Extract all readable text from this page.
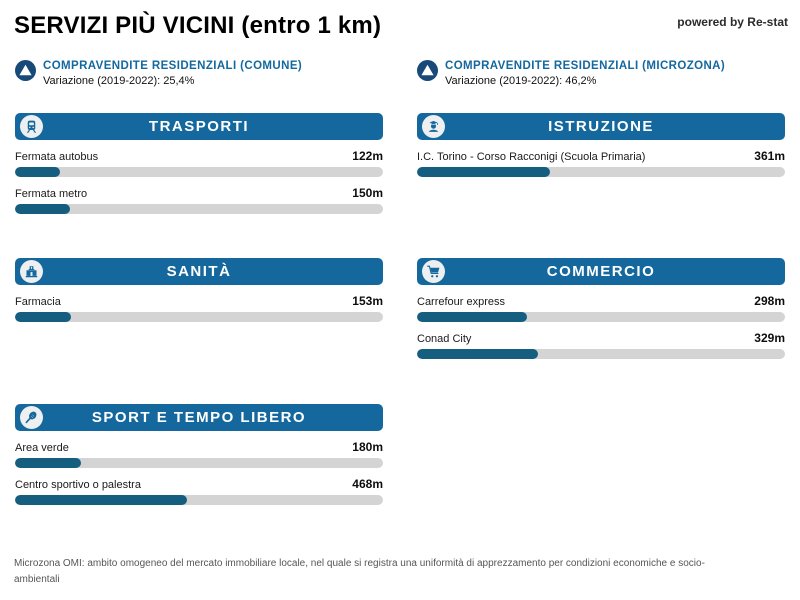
SERVIZI PIÙ VICINI (entro 1 km)	powered by Re-stat
COMPRAVENDITE RESIDENZIALI (COMUNE)
Variazione (2019-2022): 25,4%
COMPRAVENDITE RESIDENZIALI (MICROZONA)
Variazione (2019-2022): 46,2%
TRASPORTI
Fermata autobus	122m
Fermata metro	150m
ISTRUZIONE
I.C. Torino - Corso Racconigi (Scuola Primaria)	361m
SANITÀ
Farmacia	153m
COMMERCIO
Carrefour express	298m
Conad City	329m
SPORT E TEMPO LIBERO
Area verde	180m
Centro sportivo o palestra	468m
Microzona OMI: ambito omogeneo del mercato immobiliare locale, nel quale si registra una uniformità di apprezzamento per condizioni economiche e socio-ambientali
